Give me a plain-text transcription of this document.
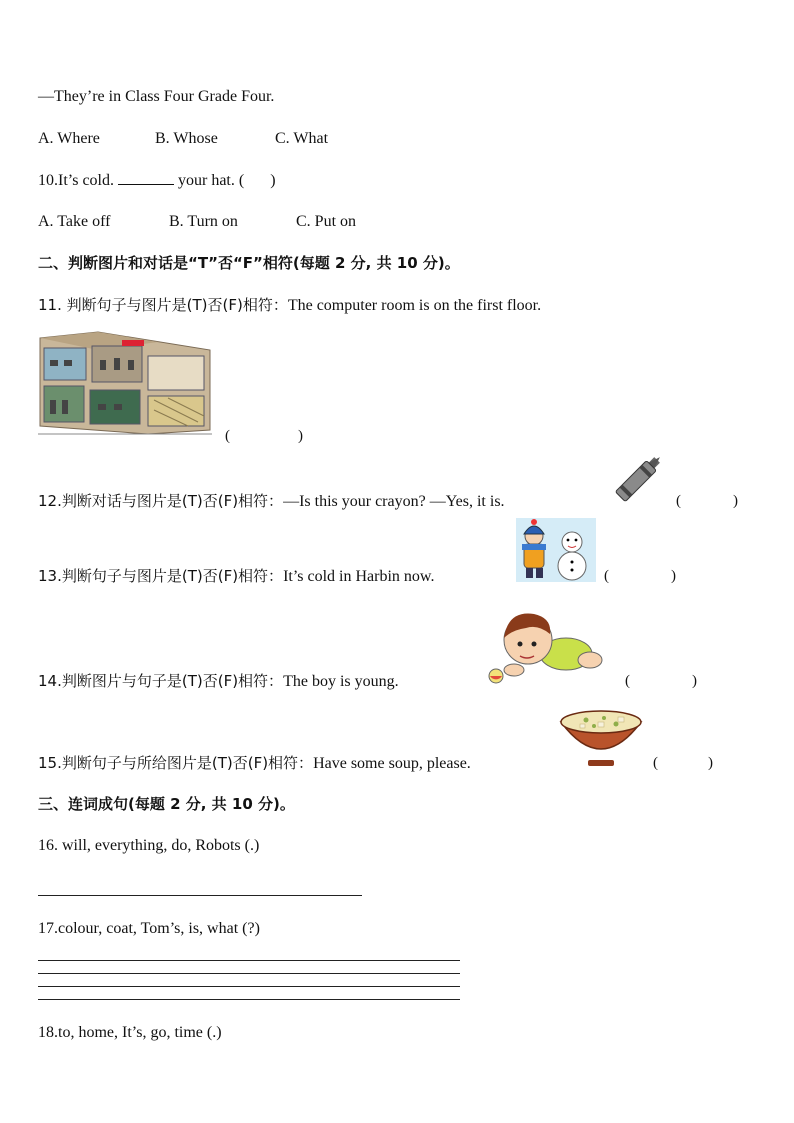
—They’re in Class Four Grade Four.
A. Where	B. Whose	C. What
10.It’s cold.	your hat. ( )
A. Take off	B. Turn on	C. Put on
二、判断图片和对话是“T”否“F”相符(每题 2 分, 共 10 分)。
11. 判断句子与图片是(T)否(F)相符：The computer room is on the first floor.
(	)
12.判断对话与图片是(T)否(F)相符：—Is this your crayon? —Yes, it is.	(	)
13.判断句子与图片是(T)否(F)相符：It’s cold in Harbin now.	(	)
14.判断图片与句子是(T)否(F)相符：The boy is young.	(	)
15.判断句子与所给图片是(T)否(F)相符：Have some soup, please.	(	)
三、连词成句(每题 2 分, 共 10 分)。
16. will, everything, do, Robots (.)
17.colour, coat, Tom’s, is, what (?)
18.to, home, It’s, go, time (.)
